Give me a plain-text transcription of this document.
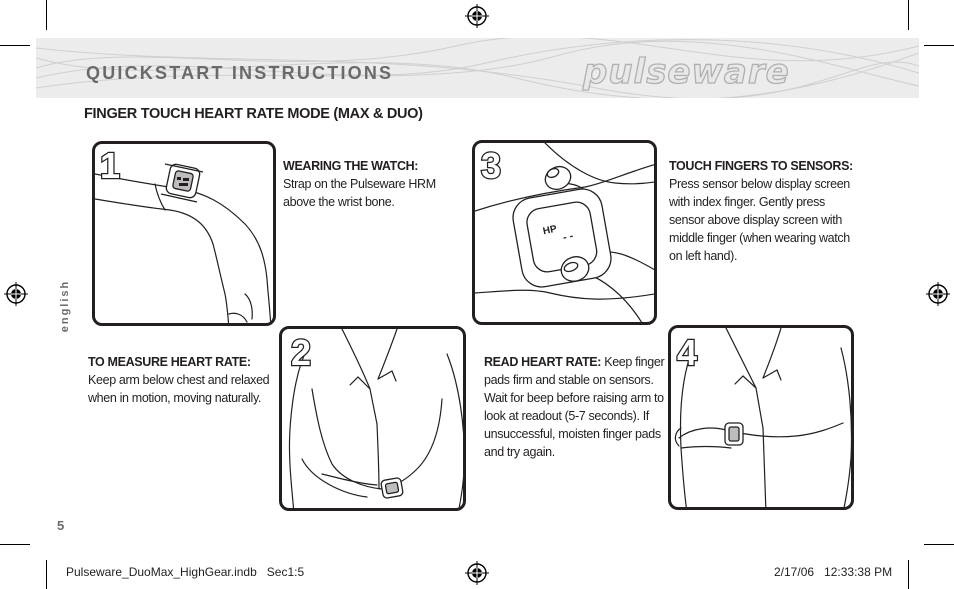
QUICKSTART INSTRUCTIONS	pulseware
FINGER TOUCH HEART RATE MODE (MAX & DUO)
english
1	WEARING THE WATCH:
Strap on the Pulseware HRM above the wrist bone.
HP - -
3	TOUCH FINGERS TO SENSORS: Press sensor below display screen with index finger. Gently press sensor above display screen with middle finger (when wearing watch on left hand).
TO MEASURE HEART RATE:
Keep arm below chest and relaxed when in motion, moving naturally.
2	READ HEART RATE: Keep finger pads firm and stable on sensors. Wait for beep before raising arm to look at readout (5-7 seconds). If unsuccessful, moisten finger pads and try again.
4
5
Pulseware_DuoMax_HighGear.indb   Sec1:5	2/17/06   12:33:38 PM
